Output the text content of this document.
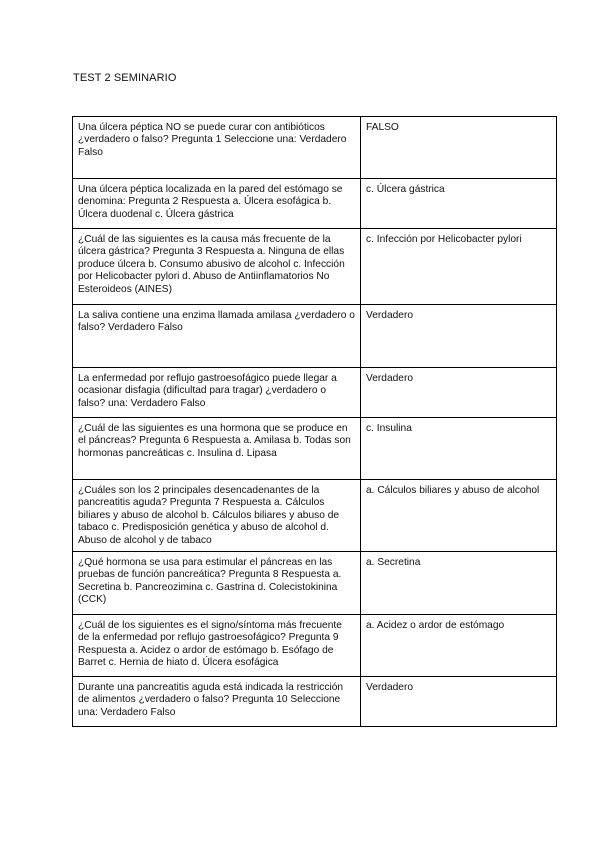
TEST 2 SEMINARIO
Una úlcera péptica NO se puede curar con antibióticos ¿verdadero o falso? Pregunta 1 Seleccione una: Verdadero Falso	FALSO
Una úlcera péptica localizada en la pared del estómago se denomina: Pregunta 2 Respuesta a. Úlcera esofágica b. Úlcera duodenal c. Úlcera gástrica	c. Úlcera gástrica
¿Cuál de las siguientes es la causa más frecuente de la úlcera gástrica? Pregunta 3 Respuesta a. Ninguna de ellas produce úlcera b. Consumo abusivo de alcohol c. Infección por Helicobacter pylori d. Abuso de Antiinflamatorios No Esteroideos (AINES)	c. Infección por Helicobacter pylori
La saliva contiene una enzima llamada amilasa ¿verdadero o falso? Verdadero Falso	Verdadero
La enfermedad por reflujo gastroesofágico puede llegar a ocasionar disfagia (dificultad para tragar) ¿verdadero o falso? una: Verdadero Falso	Verdadero
¿Cuál de las siguientes es una hormona que se produce en el páncreas? Pregunta 6 Respuesta a. Amilasa b. Todas son hormonas pancreáticas c. Insulina d. Lipasa	c. Insulina
¿Cuáles son los 2 principales desencadenantes de la pancreatitis aguda? Pregunta 7 Respuesta a. Cálculos biliares y abuso de alcohol b. Cálculos biliares y abuso de tabaco c. Predisposición genética y abuso de alcohol d. Abuso de alcohol y de tabaco	a. Cálculos biliares y abuso de alcohol
¿Qué hormona se usa para estimular el páncreas en las pruebas de función pancreática? Pregunta 8 Respuesta a. Secretina b. Pancreozimina c. Gastrina d. Colecistokinina (CCK)	a. Secretina
¿Cuál de los siguientes es el signo/síntoma más frecuente de la enfermedad por reflujo gastroesofágico? Pregunta 9 Respuesta a. Acidez o ardor de estómago b. Esófago de Barret c. Hernia de hiato d. Úlcera esofágica	a. Acidez o ardor de estómago
Durante una pancreatitis aguda está indicada la restricción de alimentos ¿verdadero o falso? Pregunta 10 Seleccione una: Verdadero Falso	Verdadero
